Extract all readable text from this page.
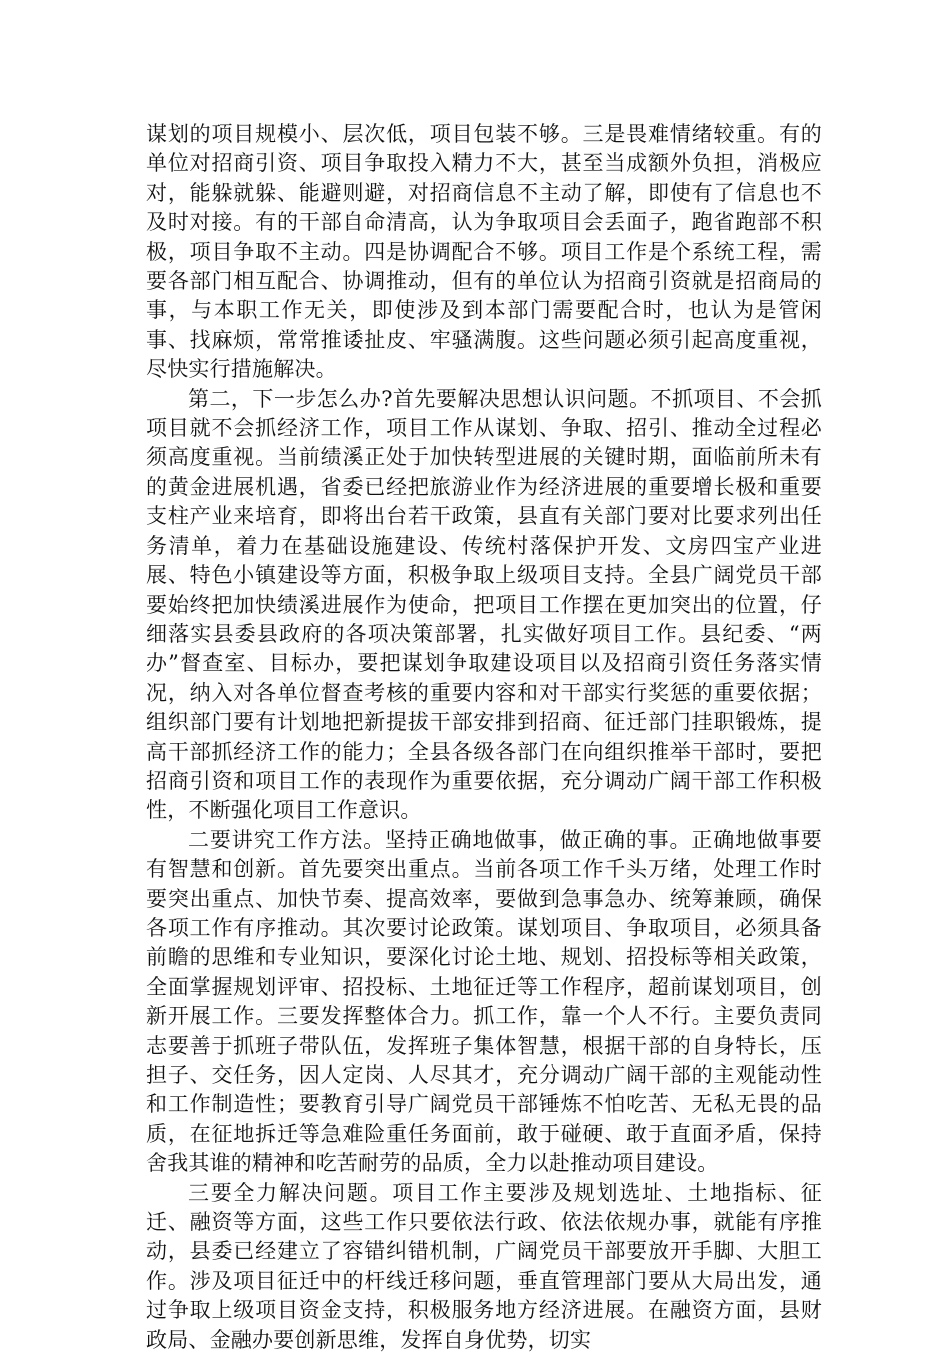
谋划的项目规模小、层次低，项目包装不够。三是畏难情绪较重。有的单位对招商引资、项目争取投入精力不大，甚至当成额外负担，消极应对，能躲就躲、能避则避，对招商信息不主动了解，即使有了信息也不及时对接。有的干部自命清高，认为争取项目会丢面子，跑省跑部不积极，项目争取不主动。四是协调配合不够。项目工作是个系统工程，需要各部门相互配合、协调推动，但有的单位认为招商引资就是招商局的事，与本职工作无关，即使涉及到本部门需要配合时，也认为是管闲事、找麻烦，常常推诿扯皮、牢骚满腹。这些问题必须引起高度重视，尽快实行措施解决。

第二，下一步怎么办?首先要解决思想认识问题。不抓项目、不会抓项目就不会抓经济工作，项目工作从谋划、争取、招引、推动全过程必须高度重视。当前绩溪正处于加快转型进展的关键时期，面临前所未有的黄金进展机遇，省委已经把旅游业作为经济进展的重要增长极和重要支柱产业来培育，即将出台若干政策，县直有关部门要对比要求列出任务清单，着力在基础设施建设、传统村落保护开发、文房四宝产业进展、特色小镇建设等方面，积极争取上级项目支持。全县广阔党员干部要始终把加快绩溪进展作为使命，把项目工作摆在更加突出的位置，仔细落实县委县政府的各项决策部署，扎实做好项目工作。县纪委、“两办”督查室、目标办，要把谋划争取建设项目以及招商引资任务落实情况，纳入对各单位督查考核的重要内容和对干部实行奖惩的重要依据；组织部门要有计划地把新提拔干部安排到招商、征迁部门挂职锻炼，提高干部抓经济工作的能力；全县各级各部门在向组织推举干部时，要把招商引资和项目工作的表现作为重要依据，充分调动广阔干部工作积极性，不断强化项目工作意识。

二要讲究工作方法。坚持正确地做事，做正确的事。正确地做事要有智慧和创新。首先要突出重点。当前各项工作千头万绪，处理工作时要突出重点、加快节奏、提高效率，要做到急事急办、统筹兼顾，确保各项工作有序推动。其次要讨论政策。谋划项目、争取项目，必须具备前瞻的思维和专业知识，要深化讨论土地、规划、招投标等相关政策，全面掌握规划评审、招投标、土地征迁等工作程序，超前谋划项目，创新开展工作。三要发挥整体合力。抓工作，靠一个人不行。主要负责同志要善于抓班子带队伍，发挥班子集体智慧，根据干部的自身特长，压担子、交任务，因人定岗、人尽其才，充分调动广阔干部的主观能动性和工作制造性；要教育引导广阔党员干部锤炼不怕吃苦、无私无畏的品质，在征地拆迁等急难险重任务面前，敢于碰硬、敢于直面矛盾，保持舍我其谁的精神和吃苦耐劳的品质，全力以赴推动项目建设。

三要全力解决问题。项目工作主要涉及规划选址、土地指标、征迁、融资等方面，这些工作只要依法行政、依法依规办事，就能有序推动，县委已经建立了容错纠错机制，广阔党员干部要放开手脚、大胆工作。涉及项目征迁中的杆线迁移问题，垂直管理部门要从大局出发，通过争取上级项目资金支持，积极服务地方经济进展。在融资方面，县财政局、金融办要创新思维，发挥自身优势，切实
